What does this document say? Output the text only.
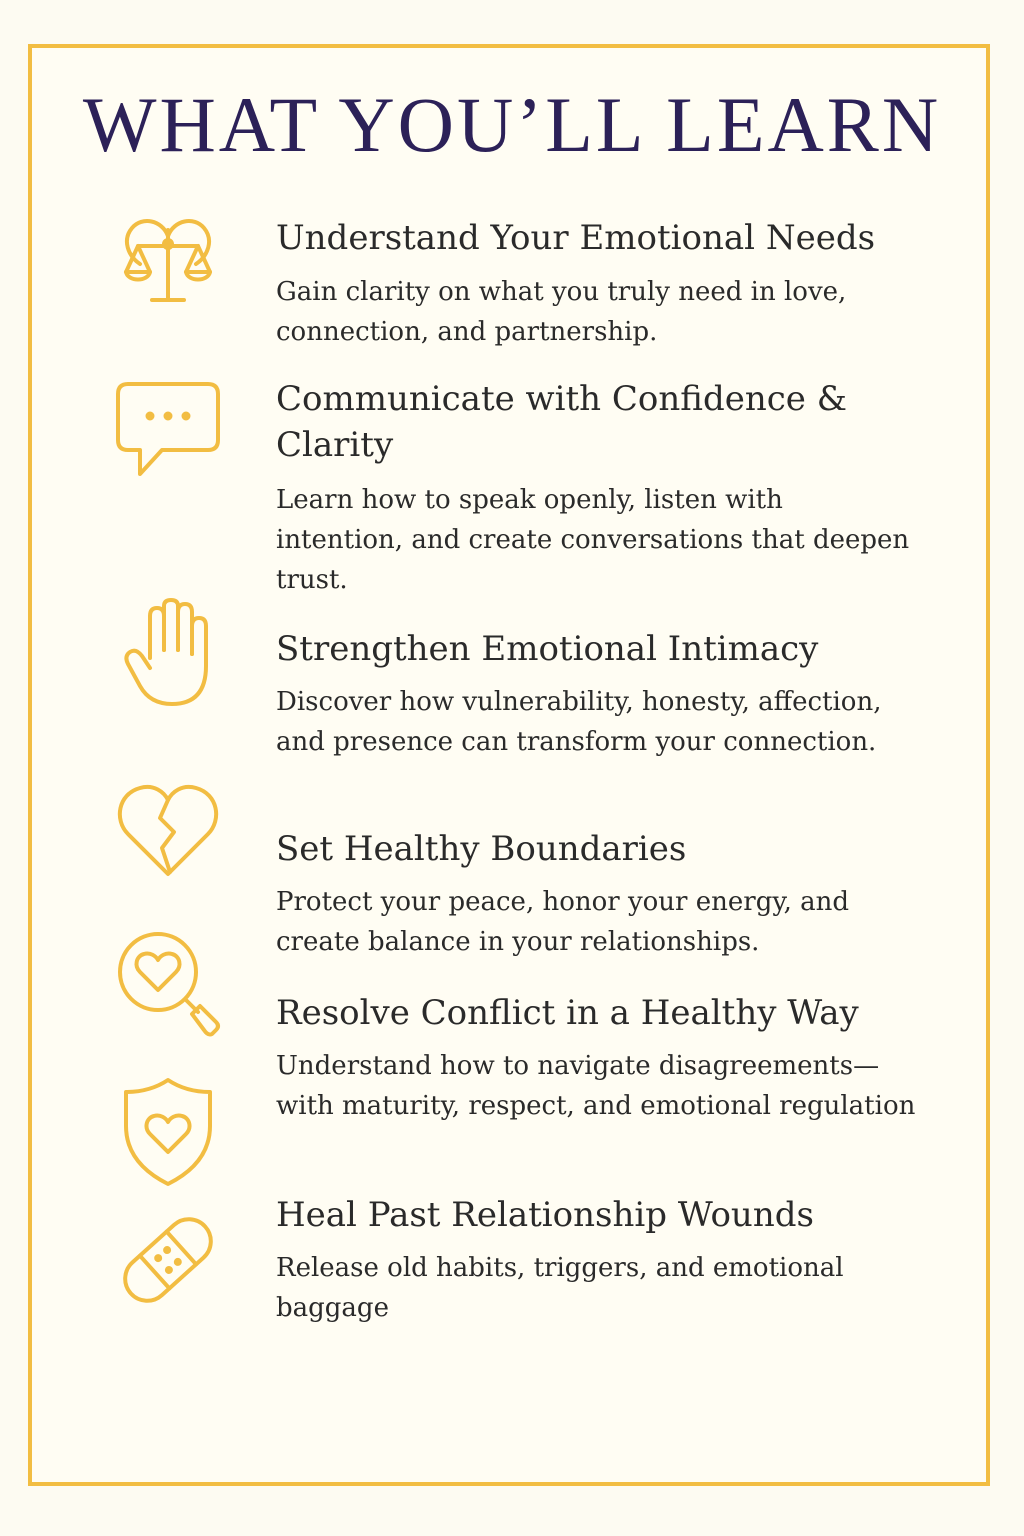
WHAT YOU’LL LEARN
Understand Your Emotional Needs
Gain clarity on what you truly need in love, connection, and partnership.
Communicate with Confidence & Clarity
Learn how to speak openly, listen with intention, and create conversations that deepen trust.
Strengthen Emotional Intimacy
Discover how vulnerability, honesty, affection, and presence can transform your connection.
Set Healthy Boundaries
Protect your peace, honor your energy, and create balance in your relationships.
Resolve Conflict in a Healthy Way
Understand how to navigate disagreements—with maturity, respect, and emotional regulation
Heal Past Relationship Wounds
Release old habits, triggers, and emotional baggage
